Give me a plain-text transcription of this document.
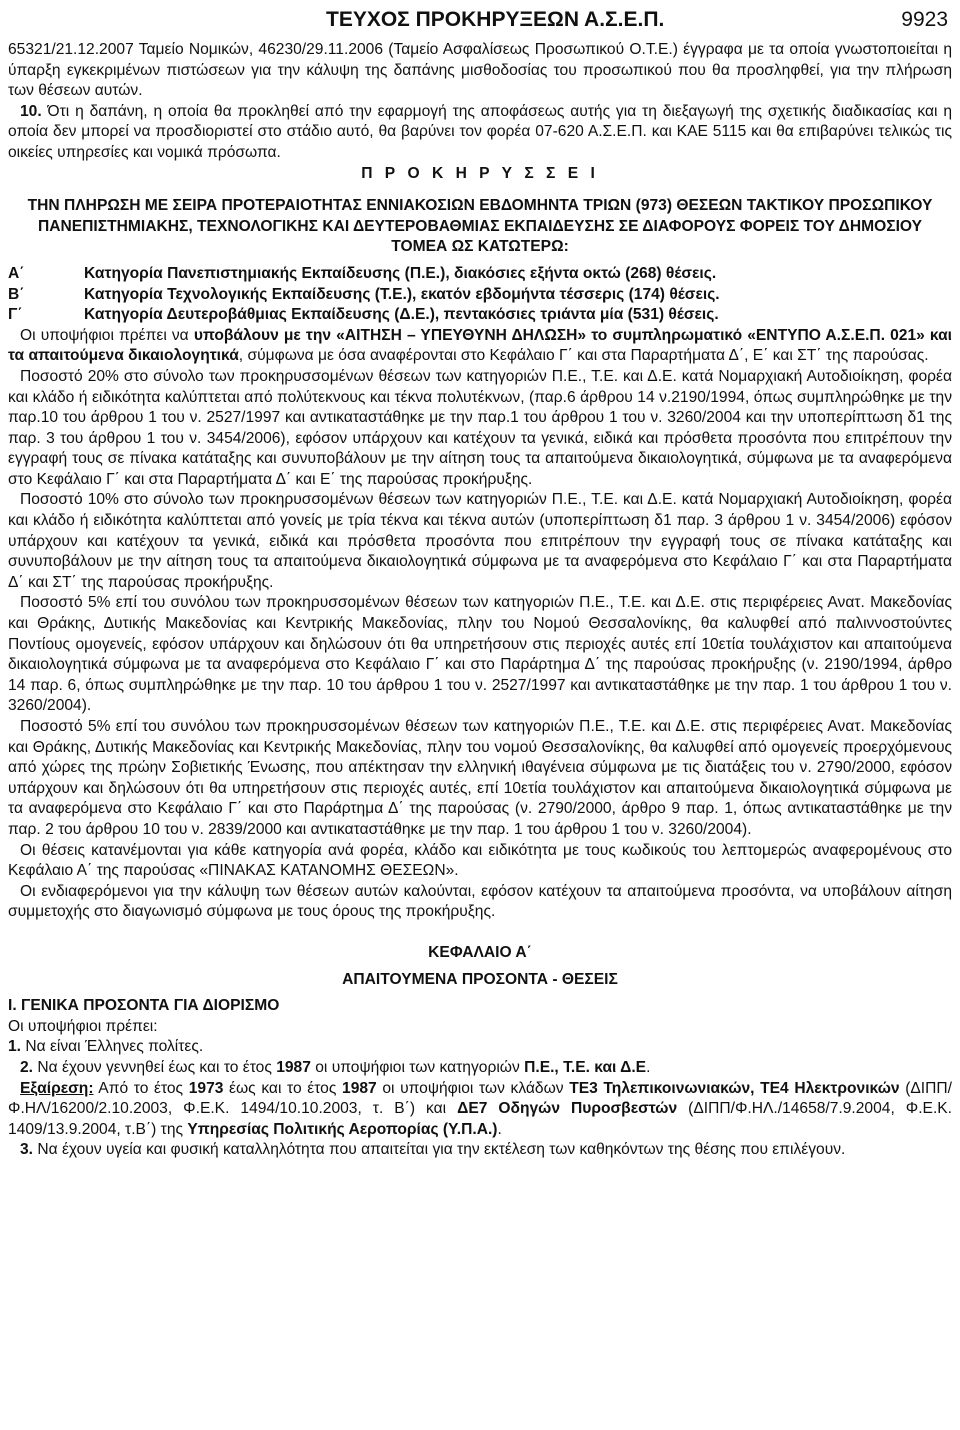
ΤΕΥΧΟΣ ΠΡΟΚΗΡΥΞΕΩΝ Α.Σ.Ε.Π.	9923

65321/21.12.2007 Ταμείο Νομικών, 46230/29.11.2006 (Ταμείο Ασφαλίσεως Προσωπικού Ο.Τ.Ε.) έγγραφα με τα οποία γνωστοποιείται η ύπαρξη εγκεκριμένων πιστώσεων για την κάλυψη της δαπάνης μισθοδοσίας του προσωπικού που θα προσληφθεί, για την πλήρωση των θέσεων αυτών.

10. Ότι η δαπάνη, η οποία θα προκληθεί από την εφαρμογή της αποφάσεως αυτής για τη διεξαγωγή της σχετικής διαδικασίας και η οποία δεν μπορεί να προσδιοριστεί στο στάδιο αυτό, θα βαρύνει τον φορέα 07-620 Α.Σ.Ε.Π. και ΚΑΕ 5115 και θα επιβαρύνει τελικώς τις οικείες υπηρεσίες και νομικά πρόσωπα.

Π Ρ Ο Κ Η Ρ Υ Σ Σ Ε Ι

ΤΗΝ ΠΛΗΡΩΣΗ ΜΕ ΣΕΙΡΑ ΠΡΟΤΕΡΑΙΟΤΗΤΑΣ ΕΝΝΙΑΚΟΣΙΩΝ ΕΒΔΟΜΗΝΤΑ ΤΡΙΩΝ (973) ΘΕΣΕΩΝ ΤΑΚΤΙΚΟΥ ΠΡΟΣΩΠΙΚΟΥ ΠΑΝΕΠΙΣΤΗΜΙΑΚΗΣ, ΤΕΧΝΟΛΟΓΙΚΗΣ ΚΑΙ ΔΕΥΤΕΡΟΒΑΘΜΙΑΣ ΕΚΠΑΙΔΕΥΣΗΣ ΣΕ ΔΙΑΦΟΡΟΥΣ ΦΟΡΕΙΣ ΤΟΥ ΔΗΜΟΣΙΟΥ ΤΟΜΕΑ ΩΣ ΚΑΤΩΤΕΡΩ:

Α΄	Κατηγορία Πανεπιστημιακής Εκπαίδευσης (Π.Ε.), διακόσιες εξήντα οκτώ (268) θέσεις.
Β΄	Κατηγορία Τεχνολογικής Εκπαίδευσης (Τ.Ε.), εκατόν εβδομήντα τέσσερις (174) θέσεις.
Γ΄	Κατηγορία Δευτεροβάθμιας Εκπαίδευσης (Δ.Ε.), πεντακόσιες τριάντα μία (531) θέσεις.

Οι υποψήφιοι πρέπει να υποβάλουν με την «ΑΙΤΗΣΗ – ΥΠΕΥΘΥΝΗ ΔΗΛΩΣΗ» το συμπληρωματικό «ΕΝΤΥΠΟ Α.Σ.Ε.Π. 021» και τα απαιτούμενα δικαιολογητικά, σύμφωνα με όσα αναφέρονται στο Κεφάλαιο Γ΄ και στα Παραρτήματα Δ΄, Ε΄ και ΣΤ΄ της παρούσας.

Ποσοστό 20% στο σύνολο των προκηρυσσομένων θέσεων των κατηγοριών Π.Ε., Τ.Ε. και Δ.Ε. κατά Νομαρχιακή Αυτοδιοίκηση, φορέα και κλάδο ή ειδικότητα καλύπτεται από πολύτεκνους και τέκνα πολυτέκνων, (παρ.6 άρθρου 14 ν.2190/1994, όπως συμπληρώθηκε με την παρ.10 του άρθρου 1 του ν. 2527/1997 και αντικαταστάθηκε με την παρ.1 του άρθρου 1 του ν. 3260/2004 και την υποπερίπτωση δ1 της παρ. 3 του άρθρου 1 του ν. 3454/2006), εφόσον υπάρχουν και κατέχουν τα γενικά, ειδικά και πρόσθετα προσόντα που επιτρέπουν την εγγραφή τους σε πίνακα κατάταξης και συνυποβάλουν με την αίτηση τους τα απαιτούμενα δικαιολογητικά, σύμφωνα με τα αναφερόμενα στο Κεφάλαιο Γ΄ και στα Παραρτήματα Δ΄ και Ε΄ της παρούσας προκήρυξης.

Ποσοστό 10% στο σύνολο των προκηρυσσομένων θέσεων των κατηγοριών Π.Ε., Τ.Ε. και Δ.Ε. κατά Νομαρχιακή Αυτοδιοίκηση, φορέα και κλάδο ή ειδικότητα καλύπτεται από γονείς με τρία τέκνα και τέκνα αυτών (υποπερίπτωση δ1 παρ. 3 άρθρου 1 ν. 3454/2006) εφόσον υπάρχουν και κατέχουν τα γενικά, ειδικά και πρόσθετα προσόντα που επιτρέπουν την εγγραφή τους σε πίνακα κατάταξης και συνυποβάλουν με την αίτηση τους τα απαιτούμενα δικαιολογητικά σύμφωνα με τα αναφερόμενα στο Κεφάλαιο Γ΄ και στα Παραρτήματα Δ΄ και ΣΤ΄ της παρούσας προκήρυξης.

Ποσοστό 5% επί του συνόλου των προκηρυσσομένων θέσεων των κατηγοριών Π.Ε., Τ.Ε. και Δ.Ε. στις περιφέρειες Ανατ. Μακεδονίας και Θράκης, Δυτικής Μακεδονίας και Κεντρικής Μακεδονίας, πλην του Νομού Θεσσαλονίκης, θα καλυφθεί από παλιννοστούντες Ποντίους ομογενείς, εφόσον υπάρχουν και δηλώσουν ότι θα υπηρετήσουν στις περιοχές αυτές επί 10ετία τουλάχιστον και απαιτούμενα δικαιολογητικά σύμφωνα με τα αναφερόμενα στο Κεφάλαιο Γ΄ και στο Παράρτημα Δ΄ της παρούσας προκήρυξης (ν. 2190/1994, άρθρο 14 παρ. 6, όπως συμπληρώθηκε με την παρ. 10 του άρθρου 1 του ν. 2527/1997 και αντικαταστάθηκε με την παρ. 1 του άρθρου 1 του ν. 3260/2004).

Ποσοστό 5% επί του συνόλου των προκηρυσσομένων θέσεων των κατηγοριών Π.Ε., Τ.Ε. και Δ.Ε. στις περιφέρειες Ανατ. Μακεδονίας και Θράκης, Δυτικής Μακεδονίας και Κεντρικής Μακεδονίας, πλην του νομού Θεσσαλονίκης, θα καλυφθεί από ομογενείς προερχόμενους από χώρες της πρώην Σοβιετικής Ένωσης, που απέκτησαν την ελληνική ιθαγένεια σύμφωνα με τις διατάξεις του ν. 2790/2000, εφόσον υπάρχουν και δηλώσουν ότι θα υπηρετήσουν στις περιοχές αυτές, επί 10ετία τουλάχιστον και απαιτούμενα δικαιολογητικά σύμφωνα με τα αναφερόμενα στο Κεφάλαιο Γ΄ και στο Παράρτημα Δ΄ της παρούσας (ν. 2790/2000, άρθρο 9 παρ. 1, όπως αντικαταστάθηκε με την παρ. 2 του άρθρου 10 του ν. 2839/2000 και αντικαταστάθηκε με την παρ. 1 του άρθρου 1 του ν. 3260/2004).

Οι θέσεις κατανέμονται για κάθε κατηγορία ανά φορέα, κλάδο και ειδικότητα με τους κωδικούς του λεπτομερώς αναφερομένους στο Κεφάλαιο Α΄ της παρούσας «ΠΙΝΑΚΑΣ ΚΑΤΑΝΟΜΗΣ ΘΕΣΕΩΝ».

Οι ενδιαφερόμενοι για την κάλυψη των θέσεων αυτών καλούνται, εφόσον κατέχουν τα απαιτούμενα προσόντα, να υποβάλουν αίτηση συμμετοχής στο διαγωνισμό σύμφωνα με τους όρους της προκήρυξης.

ΚΕΦΑΛΑΙΟ Α΄

ΑΠΑΙΤΟΥΜΕΝΑ ΠΡΟΣΟΝΤΑ - ΘΕΣΕΙΣ

Ι. ΓΕΝΙΚΑ ΠΡΟΣΟΝΤΑ ΓΙΑ ΔΙΟΡΙΣΜΟ

Οι υποψήφιοι πρέπει:

1. Να είναι Έλληνες πολίτες.

2. Να έχουν γεννηθεί έως και το έτος 1987 οι υποψήφιοι των κατηγοριών Π.Ε., Τ.Ε. και Δ.Ε.

Εξαίρεση: Από το έτος 1973 έως και το έτος 1987 οι υποψήφιοι των κλάδων ΤΕ3 Τηλεπικοινωνιακών, ΤΕ4 Ηλεκτρονικών (ΔΙΠΠ/Φ.ΗΛ/16200/2.10.2003, Φ.Ε.Κ. 1494/10.10.2003, τ. Β΄) και ΔΕ7 Οδηγών Πυροσβεστών (ΔΙΠΠ/Φ.ΗΛ./14658/7.9.2004, Φ.Ε.Κ. 1409/13.9.2004, τ.Β΄) της Υπηρεσίας Πολιτικής Αεροπορίας (Υ.Π.Α.).

3. Να έχουν υγεία και φυσική καταλληλότητα που απαιτείται για την εκτέλεση των καθηκόντων της θέσης που επιλέγουν.
